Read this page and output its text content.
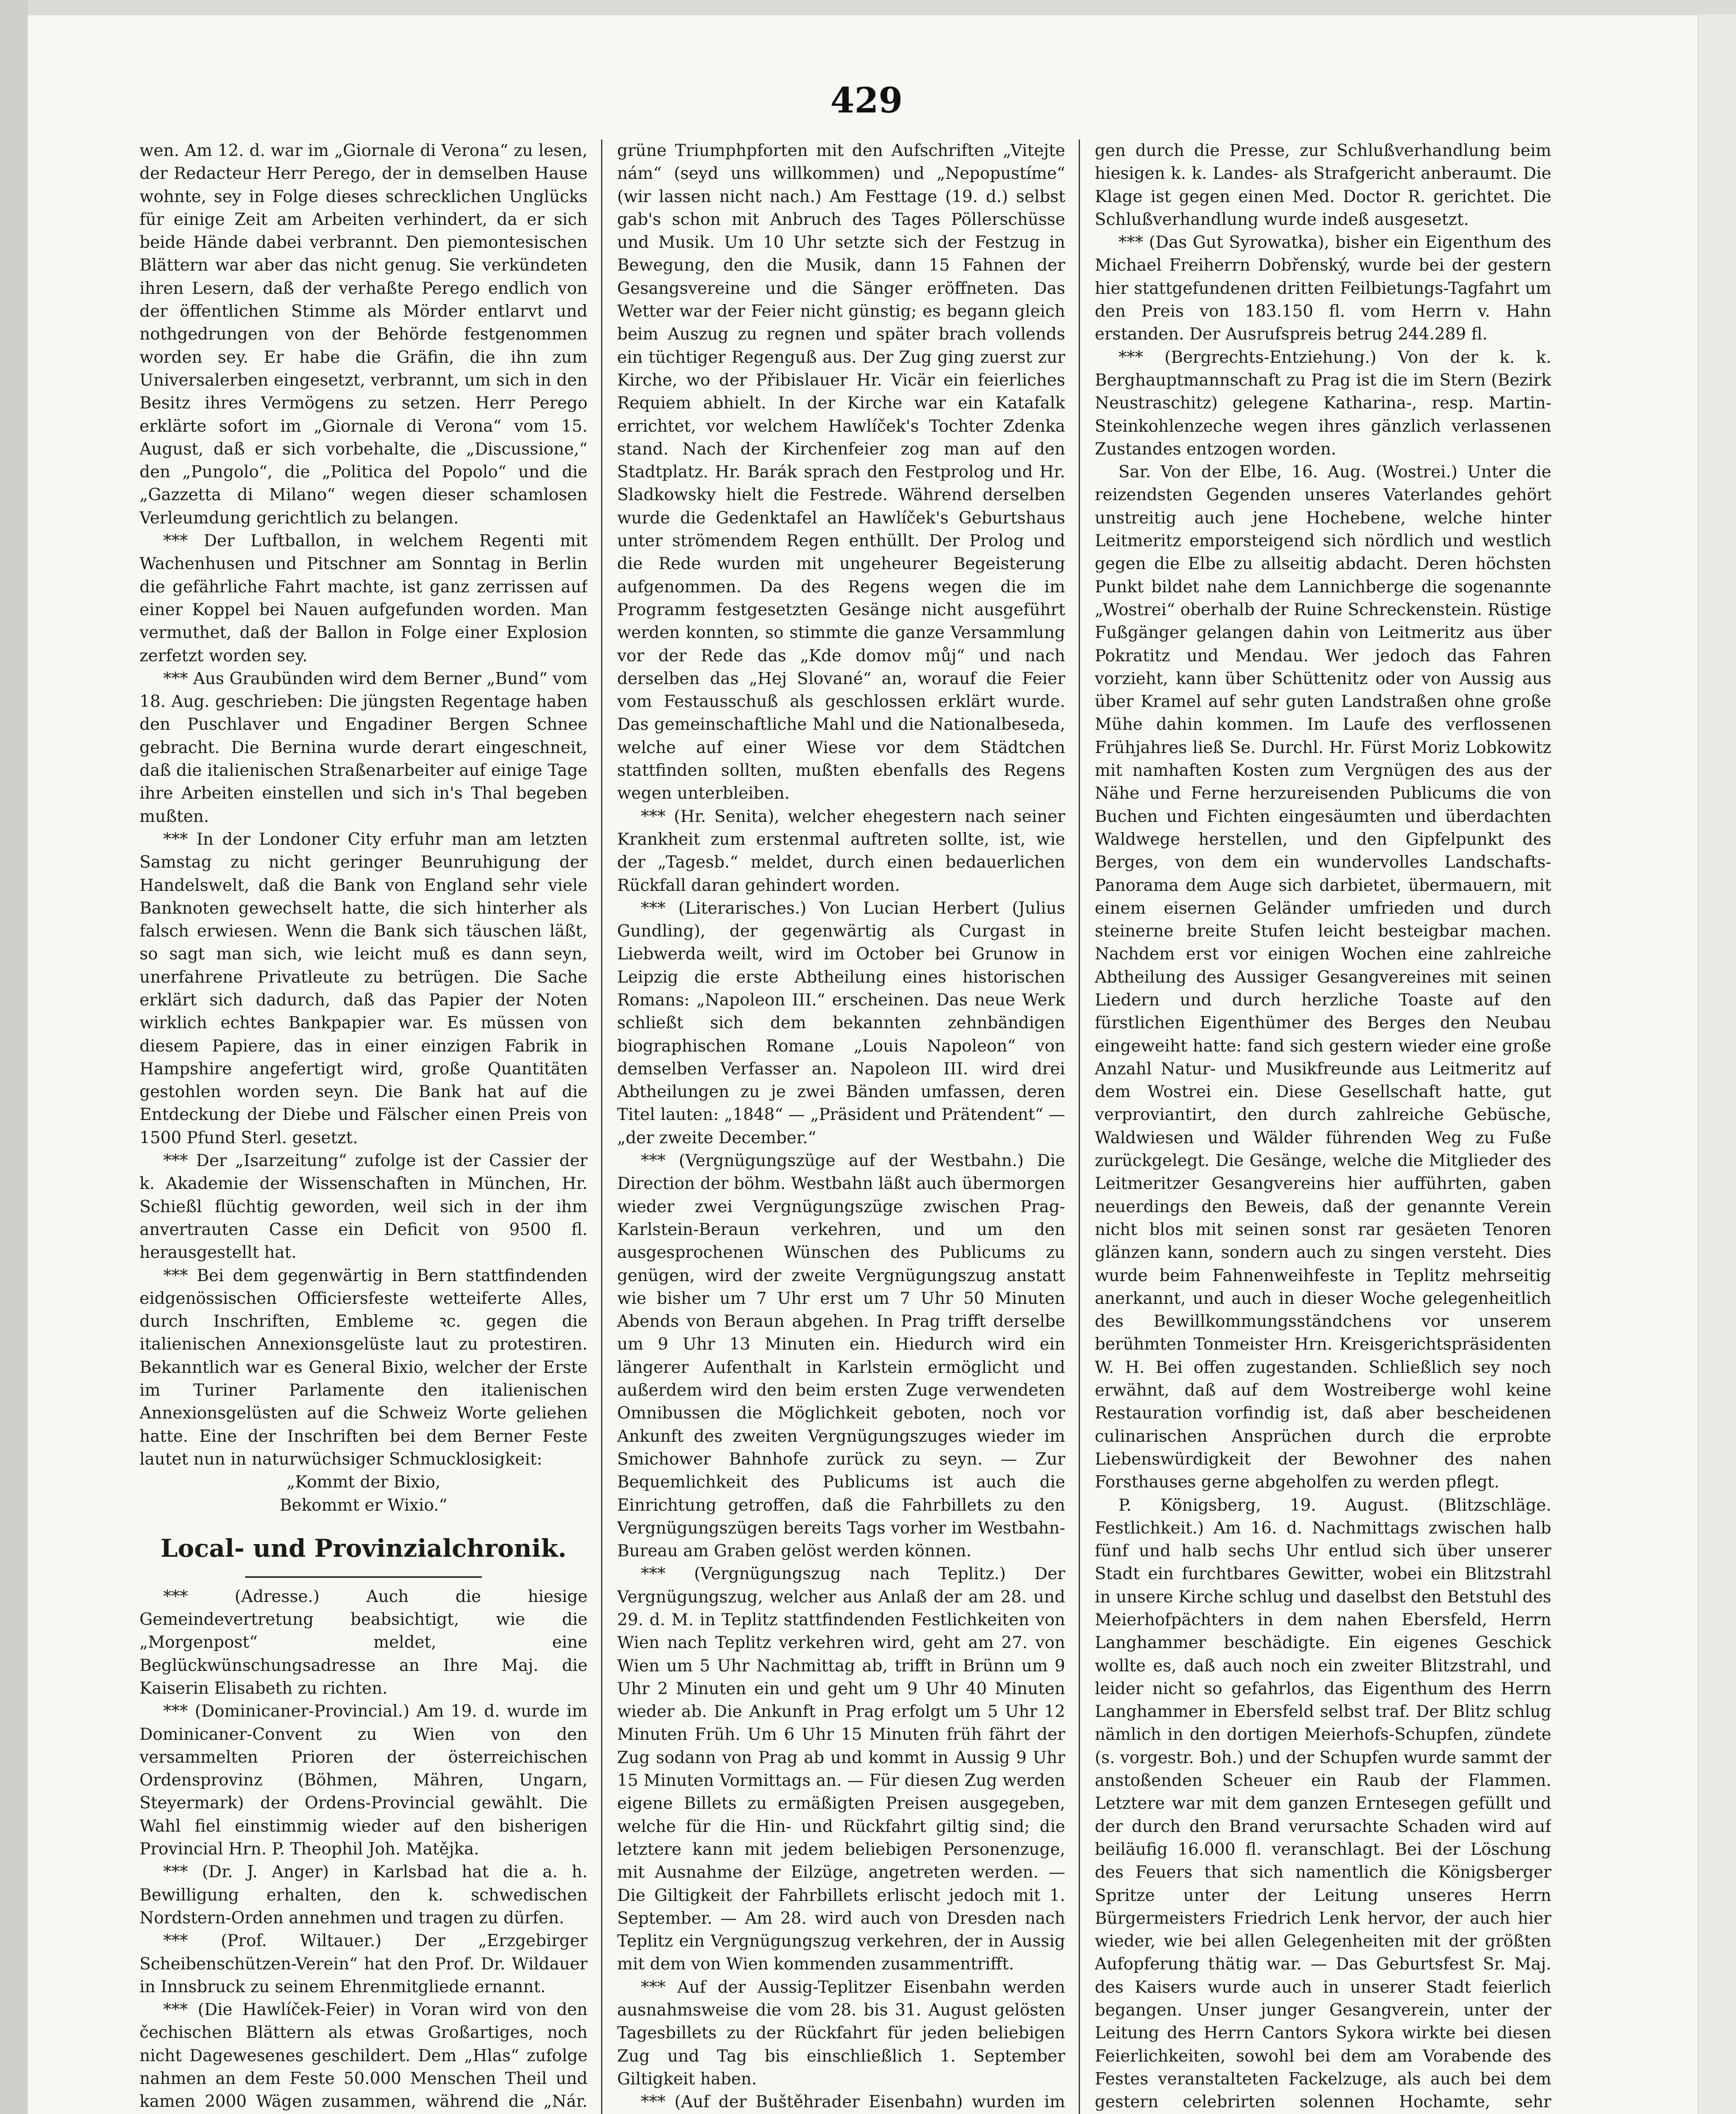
429

wen. Am 12. d. war im „Giornale di Verona“ zu lesen, der Redacteur Herr Perego, der in demselben Hause wohnte, sey in Folge dieses schrecklichen Unglücks für einige Zeit am Arbeiten verhindert, da er sich beide Hände dabei verbrannt. Den piemontesischen Blättern war aber das nicht genug. Sie verkündeten ihren Lesern, daß der verhaßte Perego endlich von der öffentlichen Stimme als Mörder entlarvt und nothgedrungen von der Behörde festgenommen worden sey. Er habe die Gräfin, die ihn zum Universalerben eingesetzt, verbrannt, um sich in den Besitz ihres Vermögens zu setzen. Herr Perego erklärte sofort im „Giornale di Verona“ vom 15. August, daß er sich vorbehalte, die „Discussione,“ den „Pungolo“, die „Politica del Popolo“ und die „Gazzetta di Milano“ wegen dieser schamlosen Verleumdung gerichtlich zu belangen.

*** Der Luftballon, in welchem Regenti mit Wachenhusen und Pitschner am Sonntag in Berlin die gefährliche Fahrt machte, ist ganz zerrissen auf einer Koppel bei Nauen aufgefunden worden. Man vermuthet, daß der Ballon in Folge einer Explosion zerfetzt worden sey.

*** Aus Graubünden wird dem Berner „Bund“ vom 18. Aug. geschrieben: Die jüngsten Regentage haben den Puschlaver und Engadiner Bergen Schnee gebracht. Die Bernina wurde derart eingeschneit, daß die italienischen Straßenarbeiter auf einige Tage ihre Arbeiten einstellen und sich in's Thal begeben mußten.

*** In der Londoner City erfuhr man am letzten Samstag zu nicht geringer Beunruhigung der Handelswelt, daß die Bank von England sehr viele Banknoten gewechselt hatte, die sich hinterher als falsch erwiesen. Wenn die Bank sich täuschen läßt, so sagt man sich, wie leicht muß es dann seyn, unerfahrene Privatleute zu betrügen. Die Sache erklärt sich dadurch, daß das Papier der Noten wirklich echtes Bankpapier war. Es müssen von diesem Papiere, das in einer einzigen Fabrik in Hampshire angefertigt wird, große Quantitäten gestohlen worden seyn. Die Bank hat auf die Entdeckung der Diebe und Fälscher einen Preis von 1500 Pfund Sterl. gesetzt.

*** Der „Isarzeitung“ zufolge ist der Cassier der k. Akademie der Wissenschaften in München, Hr. Schießl flüchtig geworden, weil sich in der ihm anvertrauten Casse ein Deficit von 9500 fl. herausgestellt hat.

*** Bei dem gegenwärtig in Bern stattfindenden eidgenössischen Officiersfeste wetteiferte Alles, durch Inschriften, Embleme ꝛc. gegen die italienischen Annexionsgelüste laut zu protestiren. Bekanntlich war es General Bixio, welcher der Erste im Turiner Parlamente den italienischen Annexionsgelüsten auf die Schweiz Worte geliehen hatte. Eine der Inschriften bei dem Berner Feste lautet nun in naturwüchsiger Schmucklosigkeit:

„Kommt der Bixio,

Bekommt er Wixio.“

Local- und Provinzialchronik.

*** (Adresse.) Auch die hiesige Gemeindevertretung beabsichtigt, wie die „Morgenpost“ meldet, eine Beglückwünschungsadresse an Ihre Maj. die Kaiserin Elisabeth zu richten.

*** (Dominicaner-Provincial.) Am 19. d. wurde im Dominicaner-Convent zu Wien von den versammelten Prioren der österreichischen Ordensprovinz (Böhmen, Mähren, Ungarn, Steyermark) der Ordens-Provincial gewählt. Die Wahl fiel einstimmig wieder auf den bisherigen Provincial Hrn. P. Theophil Joh. Matějka.

*** (Dr. J. Anger) in Karlsbad hat die a. h. Bewilligung erhalten, den k. schwedischen Nordstern-Orden annehmen und tragen zu dürfen.

*** (Prof. Wiltauer.) Der „Erzgebirger Scheibenschützen-Verein“ hat den Prof. Dr. Wildauer in Innsbruck zu seinem Ehrenmitgliede ernannt.

*** (Die Hawlíček-Feier) in Voran wird von den čechischen Blättern als etwas Großartiges, noch nicht Dagewesenes geschildert. Dem „Hlas“ zufolge nahmen an dem Feste 50.000 Menschen Theil und kamen 2000 Wägen zusammen, während die „Nár.

grüne Triumphpforten mit den Aufschriften „Vitejte nám“ (seyd uns willkommen) und „Nepopustíme“ (wir lassen nicht nach.) Am Festtage (19. d.) selbst gab's schon mit Anbruch des Tages Pöllerschüsse und Musik. Um 10 Uhr setzte sich der Festzug in Bewegung, den die Musik, dann 15 Fahnen der Gesangsvereine und die Sänger eröffneten. Das Wetter war der Feier nicht günstig; es begann gleich beim Auszug zu regnen und später brach vollends ein tüchtiger Regenguß aus. Der Zug ging zuerst zur Kirche, wo der Přibislauer Hr. Vicär ein feierliches Requiem abhielt. In der Kirche war ein Katafalk errichtet, vor welchem Hawlíček's Tochter Zdenka stand. Nach der Kirchenfeier zog man auf den Stadtplatz. Hr. Barák sprach den Festprolog und Hr. Sladkowsky hielt die Festrede. Während derselben wurde die Gedenktafel an Hawlíček's Geburtshaus unter strömendem Regen enthüllt. Der Prolog und die Rede wurden mit ungeheurer Begeisterung aufgenommen. Da des Regens wegen die im Programm festgesetzten Gesänge nicht ausgeführt werden konnten, so stimmte die ganze Versammlung vor der Rede das „Kde domov můj“ und nach derselben das „Hej Slované“ an, worauf die Feier vom Festausschuß als geschlossen erklärt wurde. Das gemeinschaftliche Mahl und die Nationalbeseda, welche auf einer Wiese vor dem Städtchen stattfinden sollten, mußten ebenfalls des Regens wegen unterbleiben.

*** (Hr. Senita), welcher ehegestern nach seiner Krankheit zum erstenmal auftreten sollte, ist, wie der „Tagesb.“ meldet, durch einen bedauerlichen Rückfall daran gehindert worden.

*** (Literarisches.) Von Lucian Herbert (Julius Gundling), der gegenwärtig als Curgast in Liebwerda weilt, wird im October bei Grunow in Leipzig die erste Abtheilung eines historischen Romans: „Napoleon III.“ erscheinen. Das neue Werk schließt sich dem bekannten zehnbändigen biographischen Romane „Louis Napoleon“ von demselben Verfasser an. Napoleon III. wird drei Abtheilungen zu je zwei Bänden umfassen, deren Titel lauten: „1848“ — „Präsident und Prätendent“ — „der zweite December.“

*** (Vergnügungszüge auf der Westbahn.) Die Direction der böhm. Westbahn läßt auch übermorgen wieder zwei Vergnügungszüge zwischen Prag-Karlstein-Beraun verkehren, und um den ausgesprochenen Wünschen des Publicums zu genügen, wird der zweite Vergnügungszug anstatt wie bisher um 7 Uhr erst um 7 Uhr 50 Minuten Abends von Beraun abgehen. In Prag trifft derselbe um 9 Uhr 13 Minuten ein. Hiedurch wird ein längerer Aufenthalt in Karlstein ermöglicht und außerdem wird den beim ersten Zuge verwendeten Omnibussen die Möglichkeit geboten, noch vor Ankunft des zweiten Vergnügungszuges wieder im Smichower Bahnhofe zurück zu seyn. — Zur Bequemlichkeit des Publicums ist auch die Einrichtung getroffen, daß die Fahrbillets zu den Vergnügungszügen bereits Tags vorher im Westbahn-Bureau am Graben gelöst werden können.

*** (Vergnügungszug nach Teplitz.) Der Vergnügungszug, welcher aus Anlaß der am 28. und 29. d. M. in Teplitz stattfindenden Festlichkeiten von Wien nach Teplitz verkehren wird, geht am 27. von Wien um 5 Uhr Nachmittag ab, trifft in Brünn um 9 Uhr 2 Minuten ein und geht um 9 Uhr 40 Minuten wieder ab. Die Ankunft in Prag erfolgt um 5 Uhr 12 Minuten Früh. Um 6 Uhr 15 Minuten früh fährt der Zug sodann von Prag ab und kommt in Aussig 9 Uhr 15 Minuten Vormittags an. — Für diesen Zug werden eigene Billets zu ermäßigten Preisen ausgegeben, welche für die Hin- und Rückfahrt giltig sind; die letztere kann mit jedem beliebigen Personenzuge, mit Ausnahme der Eilzüge, angetreten werden. — Die Giltigkeit der Fahrbillets erlischt jedoch mit 1. September. — Am 28. wird auch von Dresden nach Teplitz ein Vergnügungszug verkehren, der in Aussig mit dem von Wien kommenden zusammentrifft.

*** Auf der Aussig-Teplitzer Eisenbahn werden ausnahmsweise die vom 28. bis 31. August gelösten Tagesbillets zu der Rückfahrt für jeden beliebigen Zug und Tag bis einschließlich 1. September Giltigkeit haben.

*** (Auf der Buštěhrader Eisenbahn) wurden im

gen durch die Presse, zur Schlußverhandlung beim hiesigen k. k. Landes- als Strafgericht anberaumt. Die Klage ist gegen einen Med. Doctor R. gerichtet. Die Schlußverhandlung wurde indeß ausgesetzt.

*** (Das Gut Syrowatka), bisher ein Eigenthum des Michael Freiherrn Dobřenský, wurde bei der gestern hier stattgefundenen dritten Feilbietungs-Tagfahrt um den Preis von 183.150 fl. vom Herrn v. Hahn erstanden. Der Ausrufspreis betrug 244.289 fl.

*** (Bergrechts-Entziehung.) Von der k. k. Berghauptmannschaft zu Prag ist die im Stern (Bezirk Neustraschitz) gelegene Katharina-, resp. Martin-Steinkohlenzeche wegen ihres gänzlich verlassenen Zustandes entzogen worden.

Sar. Von der Elbe, 16. Aug. (Wostrei.) Unter die reizendsten Gegenden unseres Vaterlandes gehört unstreitig auch jene Hochebene, welche hinter Leitmeritz emporsteigend sich nördlich und westlich gegen die Elbe zu allseitig abdacht. Deren höchsten Punkt bildet nahe dem Lannichberge die sogenannte „Wostrei“ oberhalb der Ruine Schreckenstein. Rüstige Fußgänger gelangen dahin von Leitmeritz aus über Pokratitz und Mendau. Wer jedoch das Fahren vorzieht, kann über Schüttenitz oder von Aussig aus über Kramel auf sehr guten Landstraßen ohne große Mühe dahin kommen. Im Laufe des verflossenen Frühjahres ließ Se. Durchl. Hr. Fürst Moriz Lobkowitz mit namhaften Kosten zum Vergnügen des aus der Nähe und Ferne herzureisenden Publicums die von Buchen und Fichten eingesäumten und überdachten Waldwege herstellen, und den Gipfelpunkt des Berges, von dem ein wundervolles Landschafts-Panorama dem Auge sich darbietet, übermauern, mit einem eisernen Geländer umfrieden und durch steinerne breite Stufen leicht besteigbar machen. Nachdem erst vor einigen Wochen eine zahlreiche Abtheilung des Aussiger Gesangvereines mit seinen Liedern und durch herzliche Toaste auf den fürstlichen Eigenthümer des Berges den Neubau eingeweiht hatte: fand sich gestern wieder eine große Anzahl Natur- und Musikfreunde aus Leitmeritz auf dem Wostrei ein. Diese Gesellschaft hatte, gut verproviantirt, den durch zahlreiche Gebüsche, Waldwiesen und Wälder führenden Weg zu Fuße zurückgelegt. Die Gesänge, welche die Mitglieder des Leitmeritzer Gesangvereins hier aufführten, gaben neuerdings den Beweis, daß der genannte Verein nicht blos mit seinen sonst rar gesäeten Tenoren glänzen kann, sondern auch zu singen versteht. Dies wurde beim Fahnenweihfeste in Teplitz mehrseitig anerkannt, und auch in dieser Woche gelegenheitlich des Bewillkommungsständchens vor unserem berühmten Tonmeister Hrn. Kreisgerichtspräsidenten W. H. Bei offen zugestanden. Schließlich sey noch erwähnt, daß auf dem Wostreiberge wohl keine Restauration vorfindig ist, daß aber bescheidenen culinarischen Ansprüchen durch die erprobte Liebenswürdigkeit der Bewohner des nahen Forsthauses gerne abgeholfen zu werden pflegt.

P. Königsberg, 19. August. (Blitzschläge. Festlichkeit.) Am 16. d. Nachmittags zwischen halb fünf und halb sechs Uhr entlud sich über unserer Stadt ein furchtbares Gewitter, wobei ein Blitzstrahl in unsere Kirche schlug und daselbst den Betstuhl des Meierhofpächters in dem nahen Ebersfeld, Herrn Langhammer beschädigte. Ein eigenes Geschick wollte es, daß auch noch ein zweiter Blitzstrahl, und leider nicht so gefahrlos, das Eigenthum des Herrn Langhammer in Ebersfeld selbst traf. Der Blitz schlug nämlich in den dortigen Meierhofs-Schupfen, zündete (s. vorgestr. Boh.) und der Schupfen wurde sammt der anstoßenden Scheuer ein Raub der Flammen. Letztere war mit dem ganzen Erntesegen gefüllt und der durch den Brand verursachte Schaden wird auf beiläufig 16.000 fl. veranschlagt. Bei der Löschung des Feuers that sich namentlich die Königsberger Spritze unter der Leitung unseres Herrn Bürgermeisters Friedrich Lenk hervor, der auch hier wieder, wie bei allen Gelegenheiten mit der größten Aufopferung thätig war. — Das Geburtsfest Sr. Maj. des Kaisers wurde auch in unserer Stadt feierlich begangen. Unser junger Gesangverein, unter der Leitung des Herrn Cantors Sykora wirkte bei diesen Feierlichkeiten, sowohl bei dem am Vorabende des Festes veranstalteten Fackelzuge, als auch bei dem gestern celebrirten solennen Hochamte, sehr
